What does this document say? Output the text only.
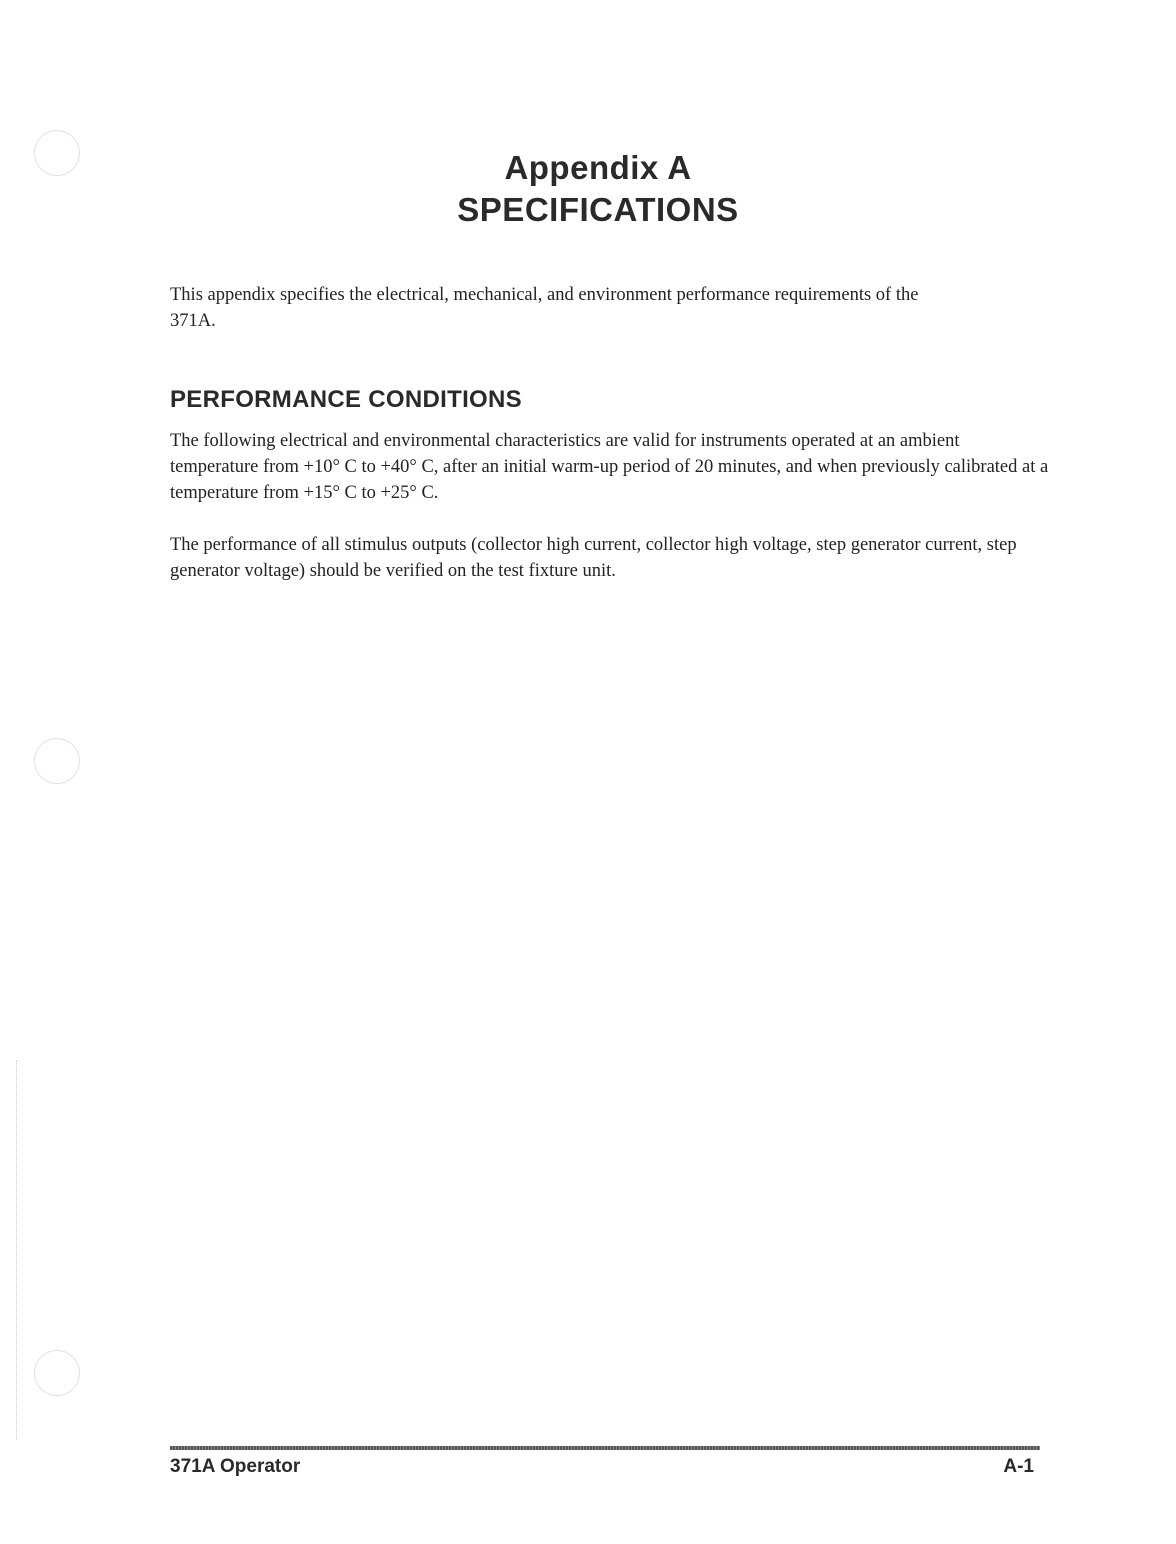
Appendix A
SPECIFICATIONS

This appendix specifies the electrical, mechanical, and environment performance requirements of the 371A.

PERFORMANCE CONDITIONS

The following electrical and environmental characteristics are valid for instruments operated at an ambient temperature from +10° C to +40° C, after an initial warm-up period of 20 minutes, and when previously calibrated at a temperature from +15° C to +25° C.

The performance of all stimulus outputs (collector high current, collector high voltage, step generator current, step generator voltage) should be verified on the test fixture unit.

371A Operator	A-1
